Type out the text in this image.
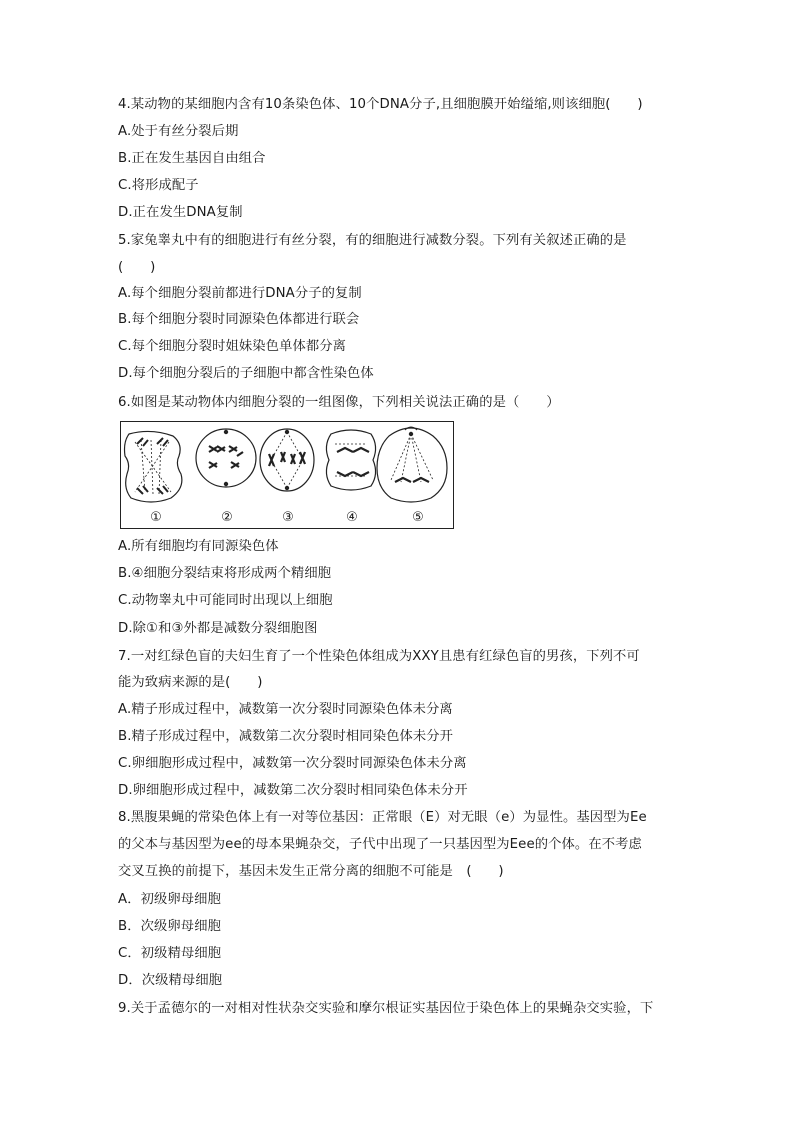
4.某动物的某细胞内含有10条染色体、10个DNA分子,且细胞膜开始缢缩,则该细胞(　　)
A.处于有丝分裂后期
B.正在发生基因自由组合
C.将形成配子
D.正在发生DNA复制
5.家兔睾丸中有的细胞进行有丝分裂，有的细胞进行减数分裂。下列有关叙述正确的是
(　　)
A.每个细胞分裂前都进行DNA分子的复制
B.每个细胞分裂时同源染色体都进行联会
C.每个细胞分裂时姐妹染色单体都分离
D.每个细胞分裂后的子细胞中都含性染色体
6.如图是某动物体内细胞分裂的一组图像，下列相关说法正确的是（　　）
①	②	③	④	⑤
A.所有细胞均有同源染色体
B.④细胞分裂结束将形成两个精细胞
C.动物睾丸中可能同时出现以上细胞
D.除①和③外都是减数分裂细胞图
7.一对红绿色盲的夫妇生育了一个性染色体组成为XXY且患有红绿色盲的男孩，下列不可
能为致病来源的是(　　)
A.精子形成过程中，减数第一次分裂时同源染色体未分离
B.精子形成过程中，减数第二次分裂时相同染色体未分开
C.卵细胞形成过程中，减数第一次分裂时同源染色体未分离
D.卵细胞形成过程中，减数第二次分裂时相同染色体未分开
8.黑腹果蝇的常染色体上有一对等位基因：正常眼（E）对无眼（e）为显性。基因型为Ee
的父本与基因型为ee的母本果蝇杂交，子代中出现了一只基因型为Eee的个体。在不考虑
交叉互换的前提下，基因未发生正常分离的细胞不可能是　(　　)
A．初级卵母细胞
B．次级卵母细胞
C．初级精母细胞
D．次级精母细胞
9.关于孟德尔的一对相对性状杂交实验和摩尔根证实基因位于染色体上的果蝇杂交实验，下
